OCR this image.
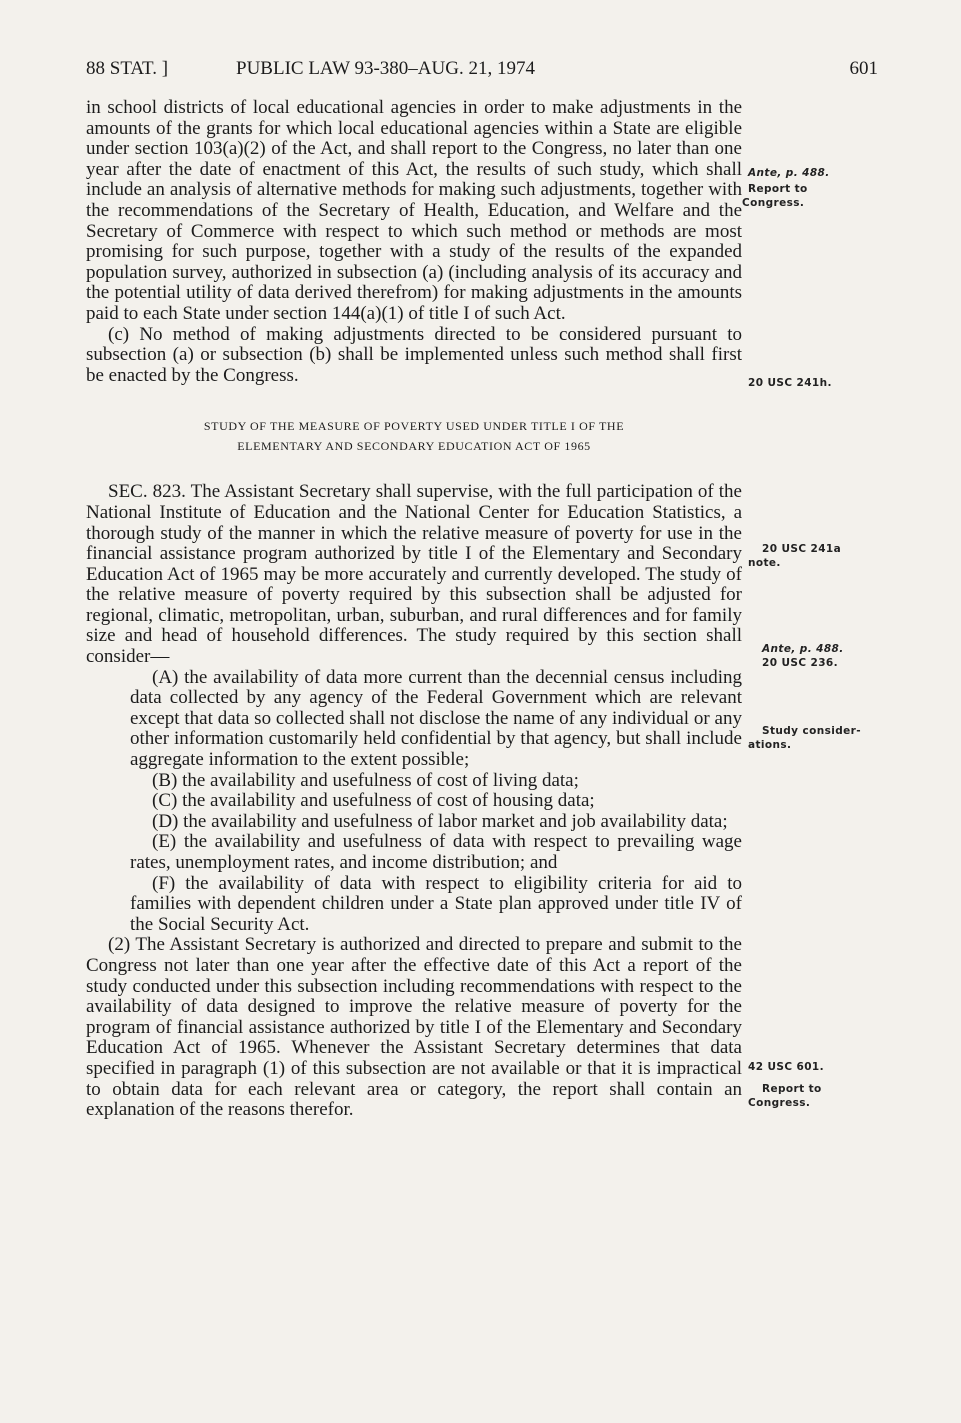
88 STAT. ]	PUBLIC LAW 93-380–AUG. 21, 1974	601

in school districts of local educational agencies in order to make adjustments in the amounts of the grants for which local educational agencies within a State are eligible under section 103(a)(2) of the Act, and shall report to the Congress, no later than one year after the date of enactment of this Act, the results of such study, which shall include an analysis of alternative methods for making such adjustments, together with the recommendations of the Secretary of Health, Education, and Welfare and the Secretary of Commerce with respect to which such method or methods are most promising for such purpose, together with a study of the results of the expanded population survey, authorized in subsection (a) (including analysis of its accuracy and the potential utility of data derived therefrom) for making adjustments in the amounts paid to each State under section 144(a)(1) of title I of such Act.

(c) No method of making adjustments directed to be considered pursuant to subsection (a) or subsection (b) shall be implemented unless such method shall first be enacted by the Congress.

STUDY OF THE MEASURE OF POVERTY USED UNDER TITLE I OF THE
ELEMENTARY AND SECONDARY EDUCATION ACT OF 1965

SEC. 823. The Assistant Secretary shall supervise, with the full participation of the National Institute of Education and the National Center for Education Statistics, a thorough study of the manner in which the relative measure of poverty for use in the financial assistance program authorized by title I of the Elementary and Secondary Education Act of 1965 may be more accurately and currently developed. The study of the relative measure of poverty required by this subsection shall be adjusted for regional, climatic, metropolitan, urban, suburban, and rural differences and for family size and head of household differences. The study required by this section shall consider—

(A) the availability of data more current than the decennial census including data collected by any agency of the Federal Government which are relevant except that data so collected shall not disclose the name of any individual or any other information customarily held confidential by that agency, but shall include aggregate information to the extent possible;

(B) the availability and usefulness of cost of living data;

(C) the availability and usefulness of cost of housing data;

(D) the availability and usefulness of labor market and job availability data;

(E) the availability and usefulness of data with respect to prevailing wage rates, unemployment rates, and income distribution; and

(F) the availability of data with respect to eligibility criteria for aid to families with dependent children under a State plan approved under title IV of the Social Security Act.

(2) The Assistant Secretary is authorized and directed to prepare and submit to the Congress not later than one year after the effective date of this Act a report of the study conducted under this subsection including recommendations with respect to the availability of data designed to improve the relative measure of poverty for the program of financial assistance authorized by title I of the Elementary and Secondary Education Act of 1965. Whenever the Assistant Secretary determines that data specified in paragraph (1) of this subsection are not available or that it is impractical to obtain data for each relevant area or category, the report shall contain an explanation of the reasons therefor.

Ante, p. 488.
Report to
Congress.
20 USC 241h.
20 USC 241a
note.
Ante, p. 488.
20 USC 236.
Study consider-
ations.
42 USC 601.
Report to
Congress.
